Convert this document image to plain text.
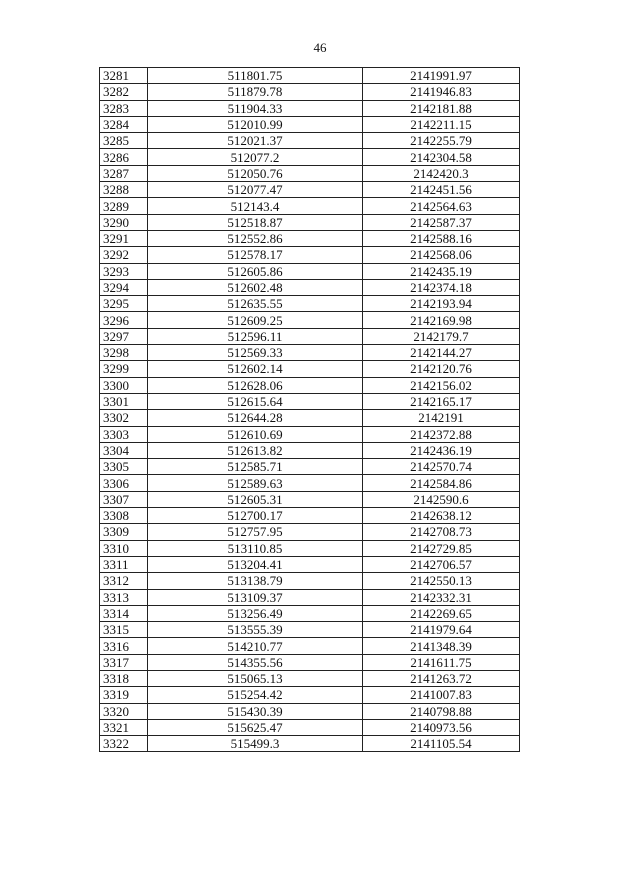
46
3281	511801.75	2141991.97
3282	511879.78	2141946.83
3283	511904.33	2142181.88
3284	512010.99	2142211.15
3285	512021.37	2142255.79
3286	512077.2	2142304.58
3287	512050.76	2142420.3
3288	512077.47	2142451.56
3289	512143.4	2142564.63
3290	512518.87	2142587.37
3291	512552.86	2142588.16
3292	512578.17	2142568.06
3293	512605.86	2142435.19
3294	512602.48	2142374.18
3295	512635.55	2142193.94
3296	512609.25	2142169.98
3297	512596.11	2142179.7
3298	512569.33	2142144.27
3299	512602.14	2142120.76
3300	512628.06	2142156.02
3301	512615.64	2142165.17
3302	512644.28	2142191
3303	512610.69	2142372.88
3304	512613.82	2142436.19
3305	512585.71	2142570.74
3306	512589.63	2142584.86
3307	512605.31	2142590.6
3308	512700.17	2142638.12
3309	512757.95	2142708.73
3310	513110.85	2142729.85
3311	513204.41	2142706.57
3312	513138.79	2142550.13
3313	513109.37	2142332.31
3314	513256.49	2142269.65
3315	513555.39	2141979.64
3316	514210.77	2141348.39
3317	514355.56	2141611.75
3318	515065.13	2141263.72
3319	515254.42	2141007.83
3320	515430.39	2140798.88
3321	515625.47	2140973.56
3322	515499.3	2141105.54
